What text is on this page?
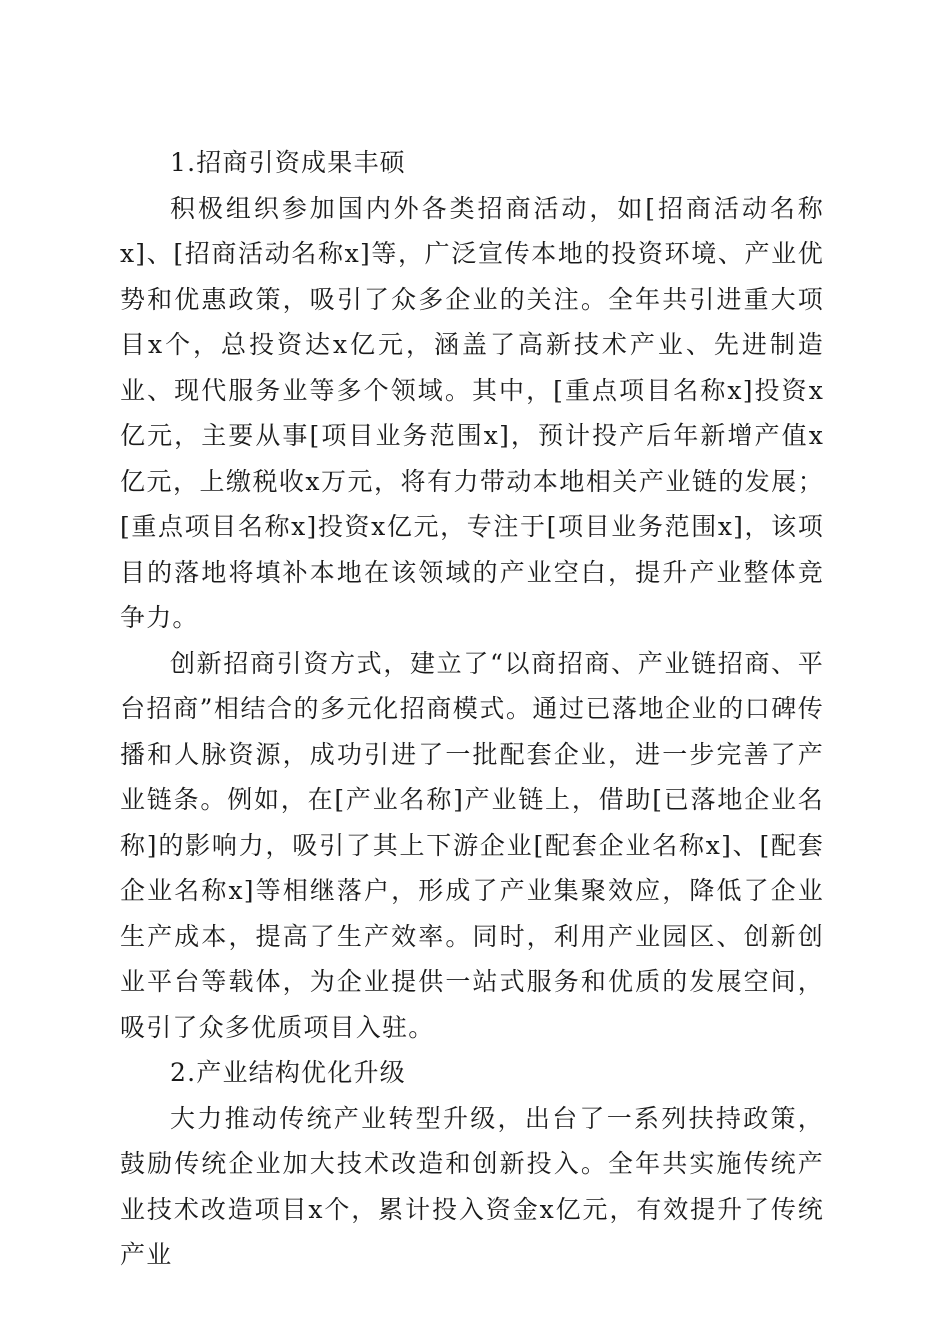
1.招商引资成果丰硕

积极组织参加国内外各类招商活动，如[招商活动名称x]、[招商活动名称x]等，广泛宣传本地的投资环境、产业优势和优惠政策，吸引了众多企业的关注。全年共引进重大项目x个，总投资达x亿元，涵盖了高新技术产业、先进制造业、现代服务业等多个领域。其中，[重点项目名称x]投资x亿元，主要从事[项目业务范围x]，预计投产后年新增产值x亿元，上缴税收x万元，将有力带动本地相关产业链的发展；[重点项目名称x]投资x亿元，专注于[项目业务范围x]，该项目的落地将填补本地在该领域的产业空白，提升产业整体竞争力。

创新招商引资方式，建立了“以商招商、产业链招商、平台招商”相结合的多元化招商模式。通过已落地企业的口碑传播和人脉资源，成功引进了一批配套企业，进一步完善了产业链条。例如，在[产业名称]产业链上，借助[已落地企业名称]的影响力，吸引了其上下游企业[配套企业名称x]、[配套企业名称x]等相继落户，形成了产业集聚效应，降低了企业生产成本，提高了生产效率。同时，利用产业园区、创新创业平台等载体，为企业提供一站式服务和优质的发展空间，吸引了众多优质项目入驻。

2.产业结构优化升级

大力推动传统产业转型升级，出台了一系列扶持政策，鼓励传统企业加大技术改造和创新投入。全年共实施传统产业技术改造项目x个，累计投入资金x亿元，有效提升了传统产业
